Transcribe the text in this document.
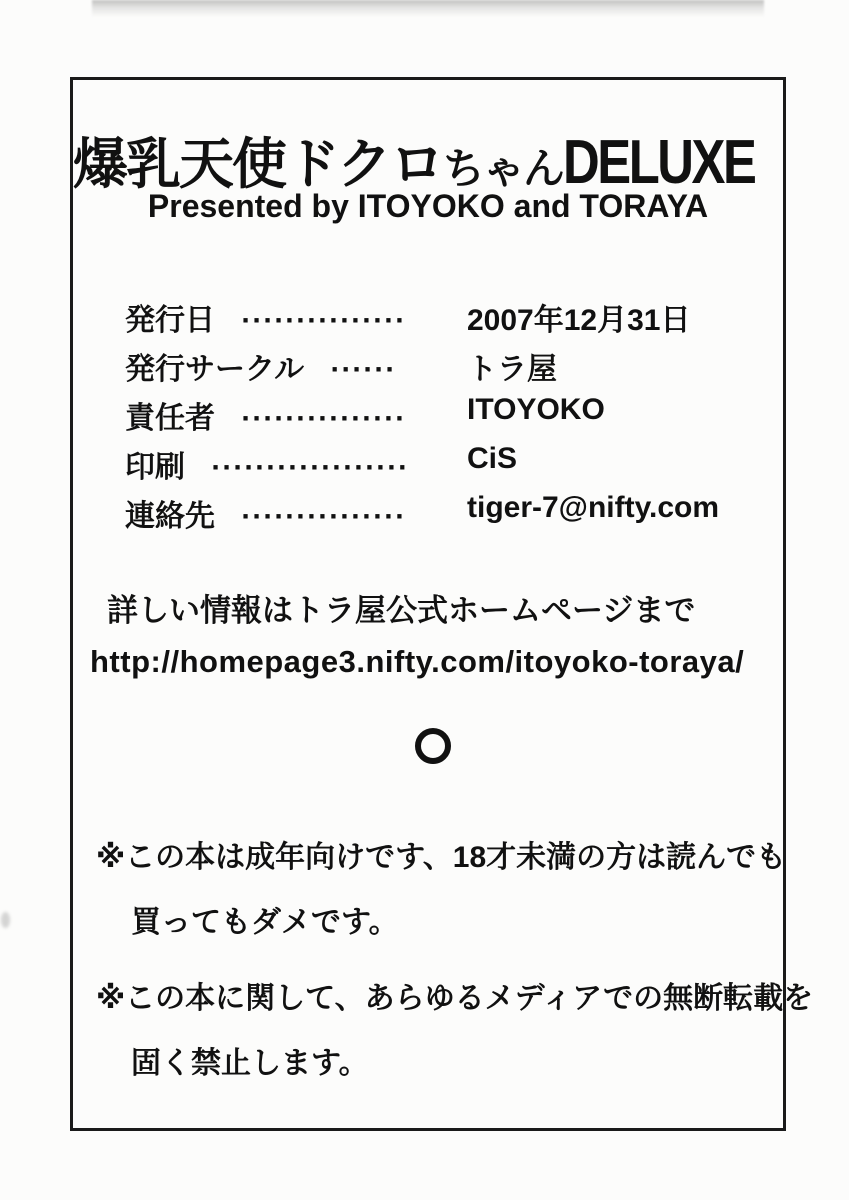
爆乳天使ドクロちゃんDELUXE
Presented by ITOYOKO and TORAYA
発行日 ··············· 2007年12月31日
発行サークル ······ トラ屋
責任者 ··············· ITOYOKO
印刷 ·················· CiS
連絡先 ··············· tiger-7@nifty.com
詳しい情報はトラ屋公式ホームページまで
http://homepage3.nifty.com/itoyoko-toraya/
※この本は成年向けです、18才未満の方は読んでも
買ってもダメです。
※この本に関して、あらゆるメディアでの無断転載を
固く禁止します。
